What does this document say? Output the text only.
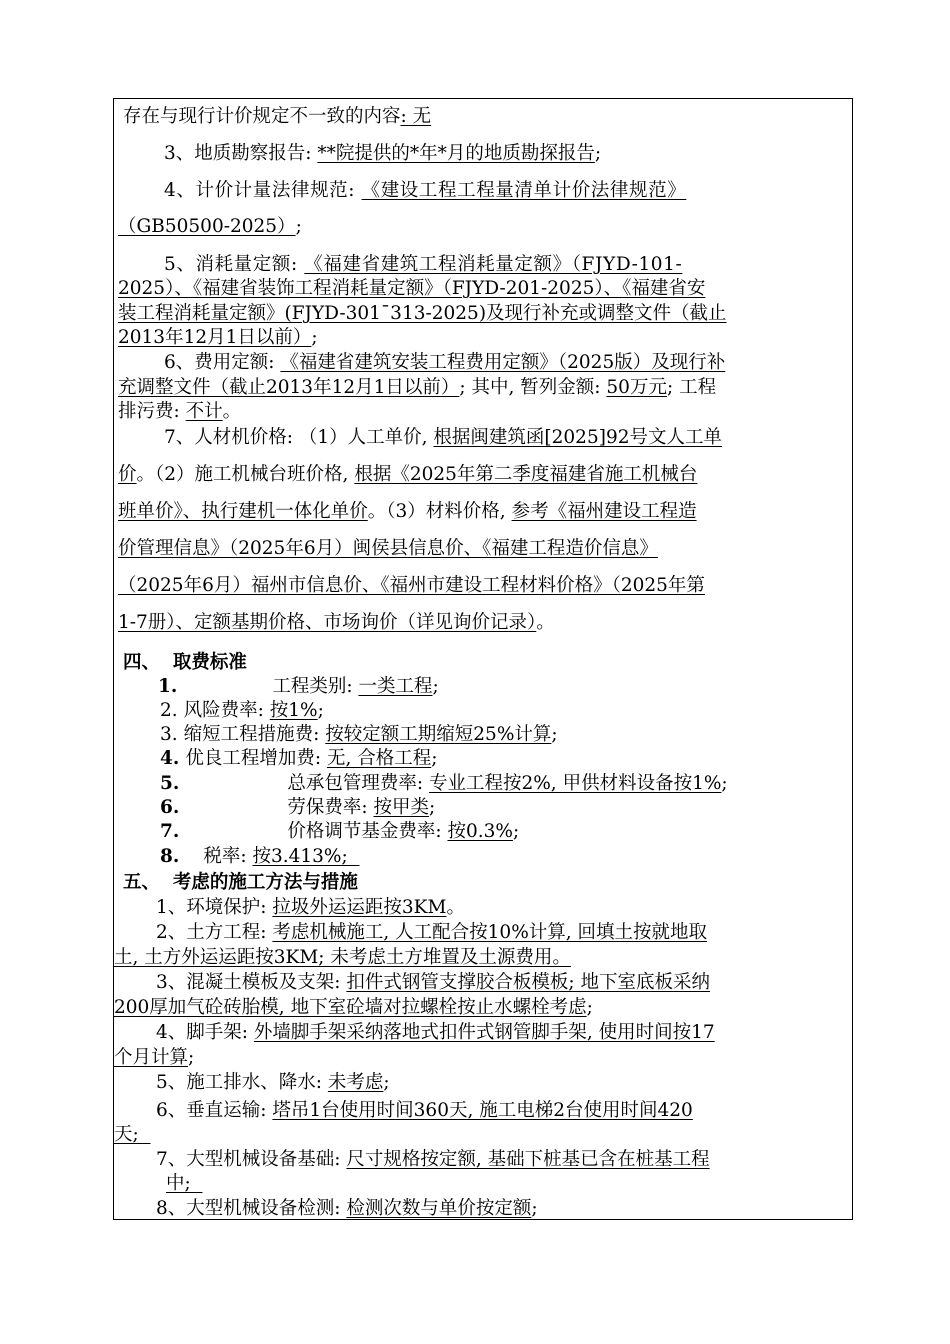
存在与现行计价规定不一致的内容: 无
3、地质勘察报告: **院提供的*年*月的地质勘探报告;
4、计价计量法律规范: 《建设工程工程量清单计价法律规范》
（GB50500-2025）;
5、消耗量定额: 《福建省建筑工程消耗量定额》（FJYD-101-
2025）、《福建省装饰工程消耗量定额》（FJYD-201-2025）、《福建省安
装工程消耗量定额》(FJYD-301¯313-2025)及现行补充或调整文件（截止
2013年12月1日以前）;
6、费用定额: 《福建省建筑安装工程费用定额》（2025版）及现行补
充调整文件（截止2013年12月1日以前）; 其中, 暂列金额: 50万元; 工程
排污费: 不计。
7、人材机价格: （1）人工单价, 根据闽建筑函[2025]92号文人工单
价。（2）施工机械台班价格, 根据《2025年第二季度福建省施工机械台
班单价》、执行建机一体化单价。（3）材料价格, 参考《福州建设工程造
价管理信息》（2025年6月）闽侯县信息价、《福建工程造价信息》
（2025年6月）福州市信息价、《福州市建设工程材料价格》（2025年第
1-7册）、定额基期价格、市场询价（详见询价记录）。
四、  取费标准
1.	工程类别: 一类工程;
2. 风险费率: 按1%;
3. 缩短工程措施费: 按较定额工期缩短25%计算;
4. 优良工程增加费: 无, 合格工程;
5.	总承包管理费率: 专业工程按2%, 甲供材料设备按1%;
6.	劳保费率: 按甲类;
7.	价格调节基金费率: 按0.3%;
8. 税率: 按3.413%;
五、  考虑的施工方法与措施
1、环境保护: 拉圾外运运距按3KM。
2、土方工程: 考虑机械施工, 人工配合按10%计算, 回填土按就地取
土, 土方外运运距按3KM; 未考虑土方堆置及土源费用。
3、混凝土模板及支架: 扣件式钢管支撑胶合板模板; 地下室底板采纳
200厚加气砼砖胎模, 地下室砼墙对拉螺栓按止水螺栓考虑;
4、脚手架: 外墙脚手架采纳落地式扣件式钢管脚手架, 使用时间按17
个月计算;
5、施工排水、降水: 未考虑;
6、垂直运输: 塔吊1台使用时间360天, 施工电梯2台使用时间420
天;
7、大型机械设备基础: 尺寸规格按定额, 基础下桩基已含在桩基工程
中;
8、大型机械设备检测: 检测次数与单价按定额;
